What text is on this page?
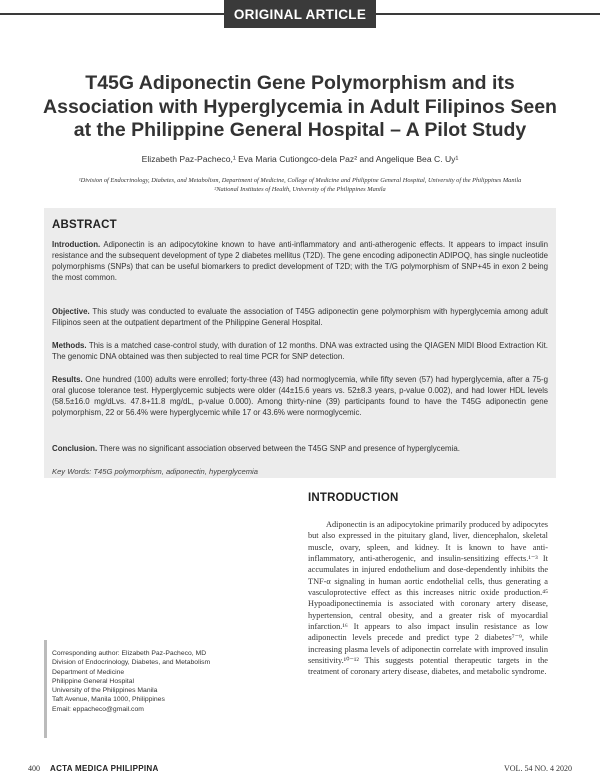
ORIGINAL ARTICLE
T45G Adiponectin Gene Polymorphism and its Association with Hyperglycemia in Adult Filipinos Seen at the Philippine General Hospital – A Pilot Study
Elizabeth Paz-Pacheco,¹ Eva Maria Cutiongco-dela Paz² and Angelique Bea C. Uy¹
¹Division of Endocrinology, Diabetes, and Metabolism, Department of Medicine, College of Medicine and Philippine General Hospital, University of the Philippines Manila
²National Institutes of Health, University of the Philippines Manila
ABSTRACT

Introduction. Adiponectin is an adipocytokine known to have anti-inflammatory and anti-atherogenic effects. It appears to impact insulin resistance and the subsequent development of type 2 diabetes mellitus (T2D). The gene encoding adiponectin ADIPOQ, has single nucleotide polymorphisms (SNPs) that can be useful biomarkers to predict development of T2D; with the T/G polymorphism of SNP+45 in exon 2 being the most common.

Objective. This study was conducted to evaluate the association of T45G adiponectin gene polymorphism with hyperglycemia among adult Filipinos seen at the outpatient department of the Philippine General Hospital.

Methods. This is a matched case-control study, with duration of 12 months. DNA was extracted using the QIAGEN MIDI Blood Extraction Kit. The genomic DNA obtained was then subjected to real time PCR for SNP detection.

Results. One hundred (100) adults were enrolled; forty-three (43) had normoglycemia, while fifty seven (57) had hyperglycemia, after a 75-g oral glucose tolerance test. Hyperglycemic subjects were older (44±15.6 years vs. 52±8.3 years, p-value 0.002), and had lower HDL levels (58.5±16.0 mg/dLvs. 47.8+11.8 mg/dL, p-value 0.000). Among thirty-nine (39) participants found to have the T45G adiponectin gene polymorphism, 22 or 56.4% were hyperglycemic while 17 or 43.6% were normoglycemic.

Conclusion. There was no significant association observed between the T45G SNP and presence of hyperglycemia.

Key Words: T45G polymorphism, adiponectin, hyperglycemia
INTRODUCTION

Adiponectin is an adipocytokine primarily produced by adipocytes but also expressed in the pituitary gland, liver, diencephalon, skeletal muscle, ovary, spleen, and kidney. It is known to have anti-inflammatory, anti-atherogenic, and insulin-sensitizing effects.¹⁻³ It accumulates in injured endothelium and dose-dependently inhibits the TNF-α signaling in human aortic endothelial cells, thus generating a vasculoprotective effect as this increases nitric oxide production.⁴⁵ Hypoadiponectinemia is associated with coronary artery disease, hypertension, central obesity, and a greater risk of myocardial infarction.¹⁶ It appears to also impact insulin resistance as low adiponectin levels precede and predict type 2 diabetes⁷⁻⁹, while increasing plasma levels of adiponectin correlate with improved insulin sensitivity.¹⁰⁻¹² This suggests potential therapeutic targets in the treatment of coronary artery disease, diabetes, and metabolic syndrome.

Corresponding author: Elizabeth Paz-Pacheco, MD
Division of Endocrinology, Diabetes, and Metabolism
Department of Medicine
Philippine General Hospital
University of the Philippines Manila
Taft Avenue, Manila 1000, Philippines
Email: eppacheco@gmail.com
400 ACTA MEDICA PHILIPPINA	VOL. 54 NO. 4 2020
